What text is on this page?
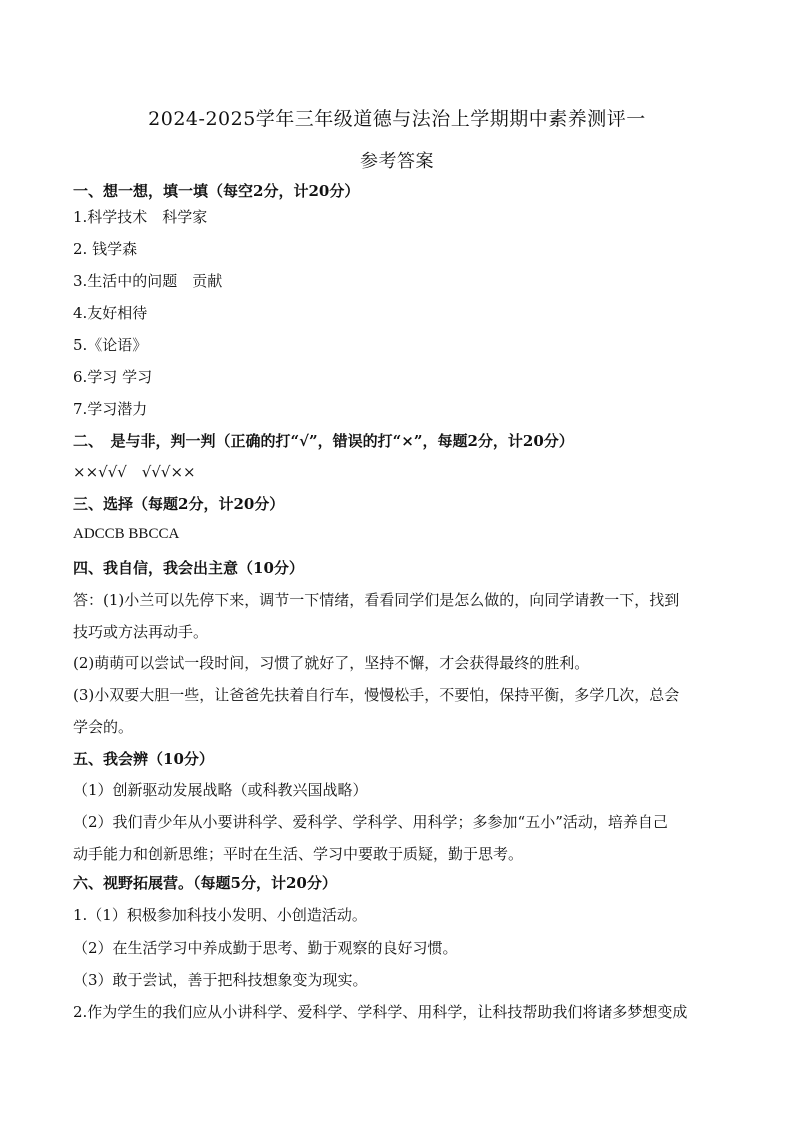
2024-2025学年三年级道德与法治上学期期中素养测评一
参考答案
一、想一想，填一填（每空2分，计20分）
1.科学技术　科学家
2. 钱学森
3.生活中的问题　贡献
4.友好相待
5.《论语》
6.学习 学习
7.学习潜力
二、　是与非，判一判（正确的打“√”，错误的打“×”，每题2分，计20分）
××√√√　√√√××
三、选择（每题2分，计20分）
ADCCB BBCCA
四、我自信，我会出主意（10分）
答：(1)小兰可以先停下来，调节一下情绪，看看同学们是怎么做的，向同学请教一下，找到
技巧或方法再动手。
(2)萌萌可以尝试一段时间，习惯了就好了，坚持不懈，才会获得最终的胜利。
(3)小双要大胆一些，让爸爸先扶着自行车，慢慢松手，不要怕，保持平衡，多学几次，总会
学会的。
五、我会辨（10分）
（1）创新驱动发展战略（或科教兴国战略）
（2）我们青少年从小要讲科学、爱科学、学科学、用科学；多参加“五小”活动，培养自己
动手能力和创新思维；平时在生活、学习中要敢于质疑，勤于思考。
六、视野拓展营。（每题5分，计20分）
1.（1）积极参加科技小发明、小创造活动。
（2）在生活学习中养成勤于思考、勤于观察的良好习惯。
（3）敢于尝试，善于把科技想象变为现实。
2.作为学生的我们应从小讲科学、爱科学、学科学、用科学，让科技帮助我们将诸多梦想变成
